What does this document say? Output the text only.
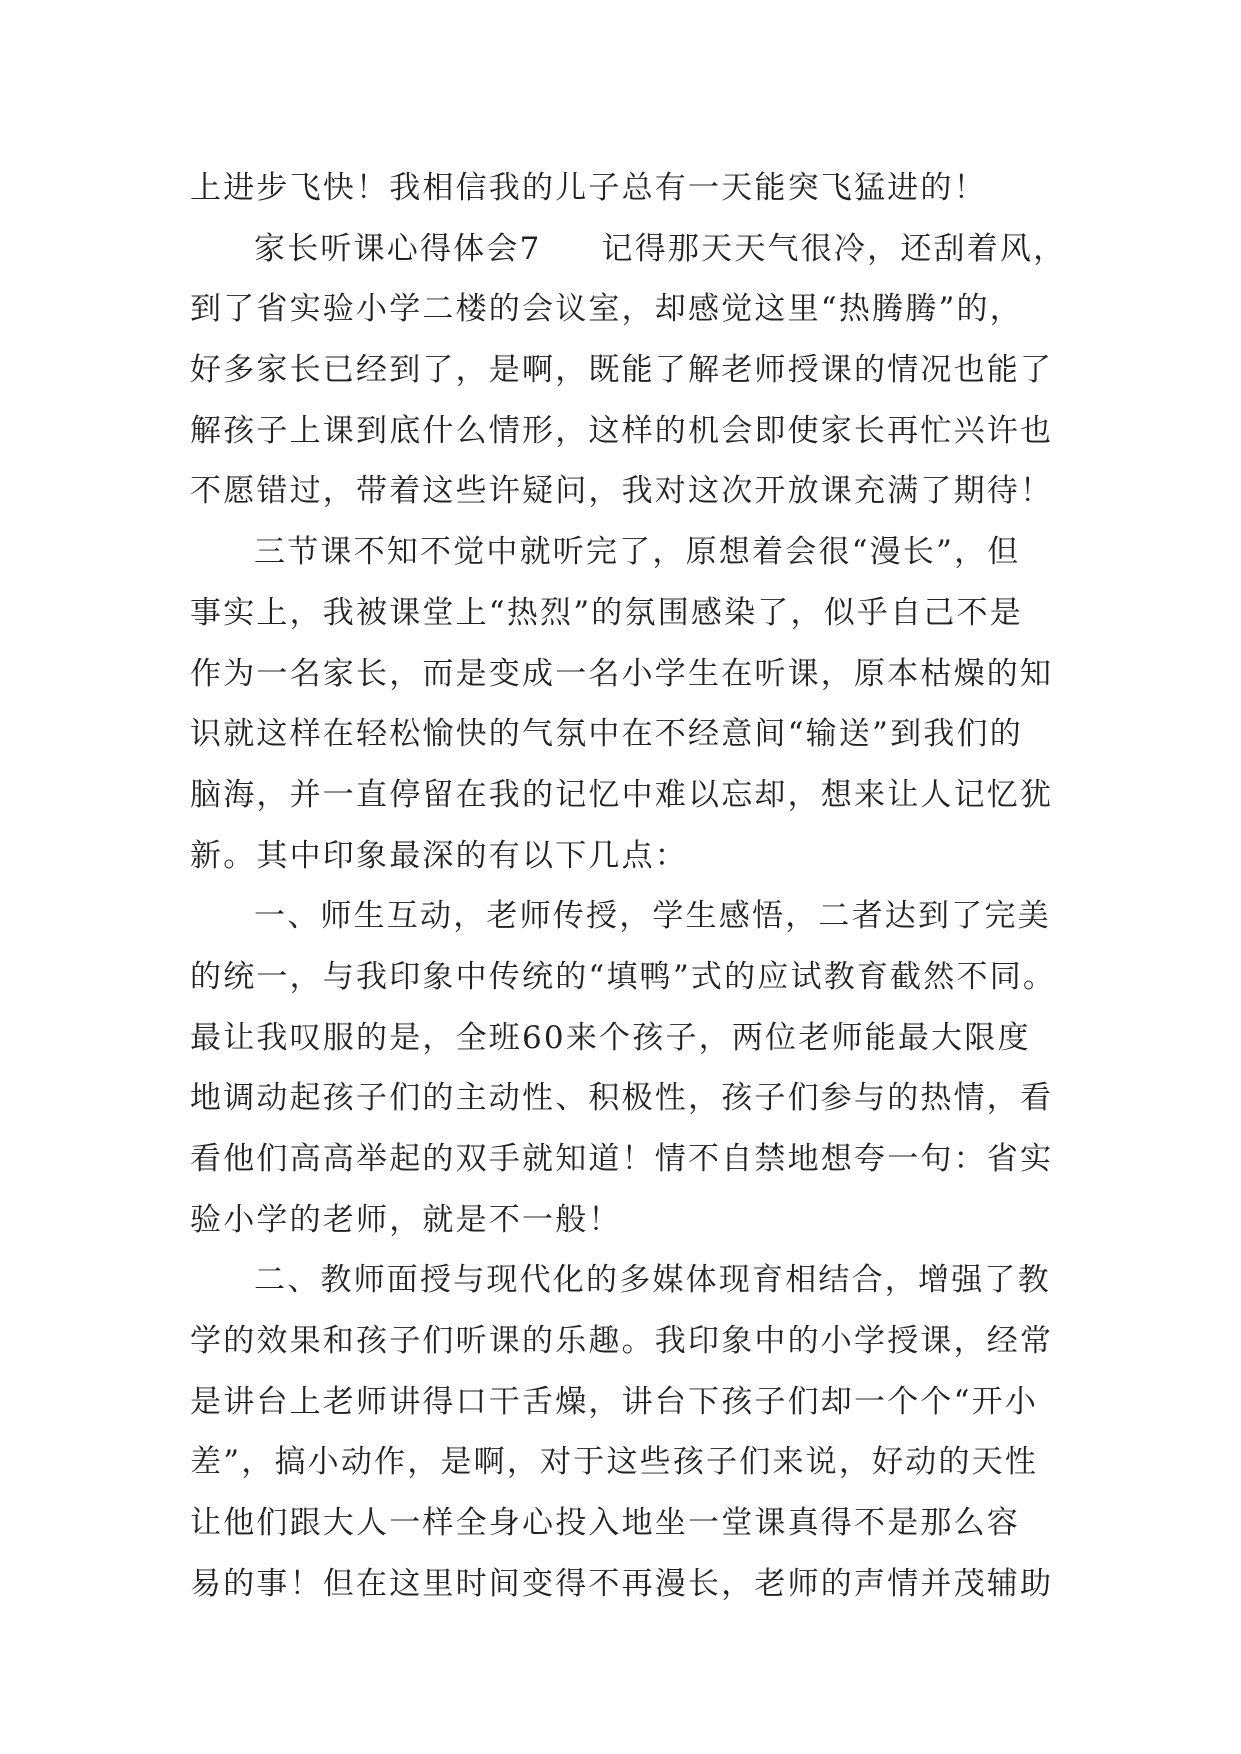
上进步飞快！我相信我的儿子总有一天能突飞猛进的！
家长听课心得体会7 记得那天天气很冷，还刮着风，
到了省实验小学二楼的会议室，却感觉这里“热腾腾”的，
好多家长已经到了，是啊，既能了解老师授课的情况也能了
解孩子上课到底什么情形，这样的机会即使家长再忙兴许也
不愿错过，带着这些许疑问，我对这次开放课充满了期待！
三节课不知不觉中就听完了，原想着会很“漫长”，但
事实上，我被课堂上“热烈”的氛围感染了，似乎自己不是
作为一名家长，而是变成一名小学生在听课，原本枯燥的知
识就这样在轻松愉快的气氛中在不经意间“输送”到我们的
脑海，并一直停留在我的记忆中难以忘却，想来让人记忆犹
新。其中印象最深的有以下几点：
一、师生互动，老师传授，学生感悟，二者达到了完美
的统一，与我印象中传统的“填鸭”式的应试教育截然不同。
最让我叹服的是，全班60来个孩子，两位老师能最大限度
地调动起孩子们的主动性、积极性，孩子们参与的热情，看
看他们高高举起的双手就知道！情不自禁地想夸一句：省实
验小学的老师，就是不一般！
二、教师面授与现代化的多媒体现育相结合，增强了教
学的效果和孩子们听课的乐趣。我印象中的小学授课，经常
是讲台上老师讲得口干舌燥，讲台下孩子们却一个个“开小
差”，搞小动作，是啊，对于这些孩子们来说，好动的天性
让他们跟大人一样全身心投入地坐一堂课真得不是那么容
易的事！但在这里时间变得不再漫长，老师的声情并茂辅助
